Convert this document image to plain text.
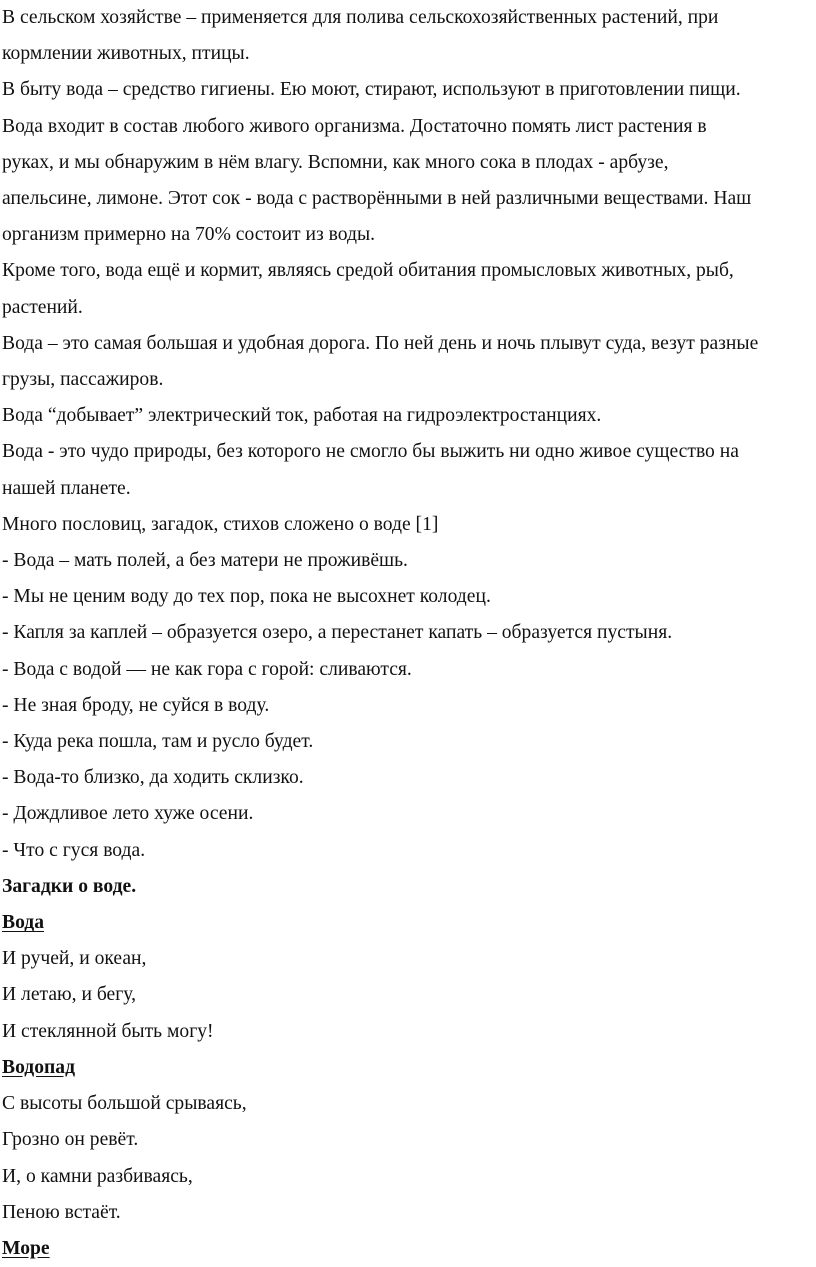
В сельском хозяйстве – применяется для полива сельскохозяйственных растений, при

кормлении животных, птицы.

В быту вода – средство гигиены. Ею моют, стирают, используют в приготовлении пищи.

Вода входит в состав любого живого организма. Достаточно помять лист растения в

руках, и мы обнаружим в нём влагу. Вспомни, как много сока в плодах - арбузе,

апельсине, лимоне. Этот сок - вода с растворёнными в ней различными веществами. Наш

организм примерно на 70% состоит из воды.

Кроме того, вода ещё и кормит, являясь средой обитания промысловых животных, рыб,

растений.

Вода – это самая большая и удобная дорога. По ней день и ночь плывут суда, везут разные

грузы, пассажиров.

Вода “добывает” электрический ток, работая на гидроэлектростанциях.

Вода - это чудо природы, без которого не смогло бы выжить ни одно живое существо на

нашей планете.

Много пословиц, загадок, стихов сложено о воде [1]

- Вода – мать полей, а без матери не проживёшь.

- Мы не ценим воду до тех пор, пока не высохнет колодец.

- Капля за каплей – образуется озеро, а перестанет капать – образуется пустыня.

- Вода с водой — не как гора с горой: сливаются.

- Не зная броду, не суйся в воду.

- Куда река пошла, там и русло будет.

- Вода-то близко, да ходить склизко.

- Дождливое лето хуже осени.

- Что с гуся вода.

Загадки о воде.

Вода

И ручей, и океан,

И летаю, и бегу,

И стеклянной быть могу!

Водопад

С высоты большой срываясь,

Грозно он ревёт.

И, о камни разбиваясь,

Пеною встаёт.

Море
